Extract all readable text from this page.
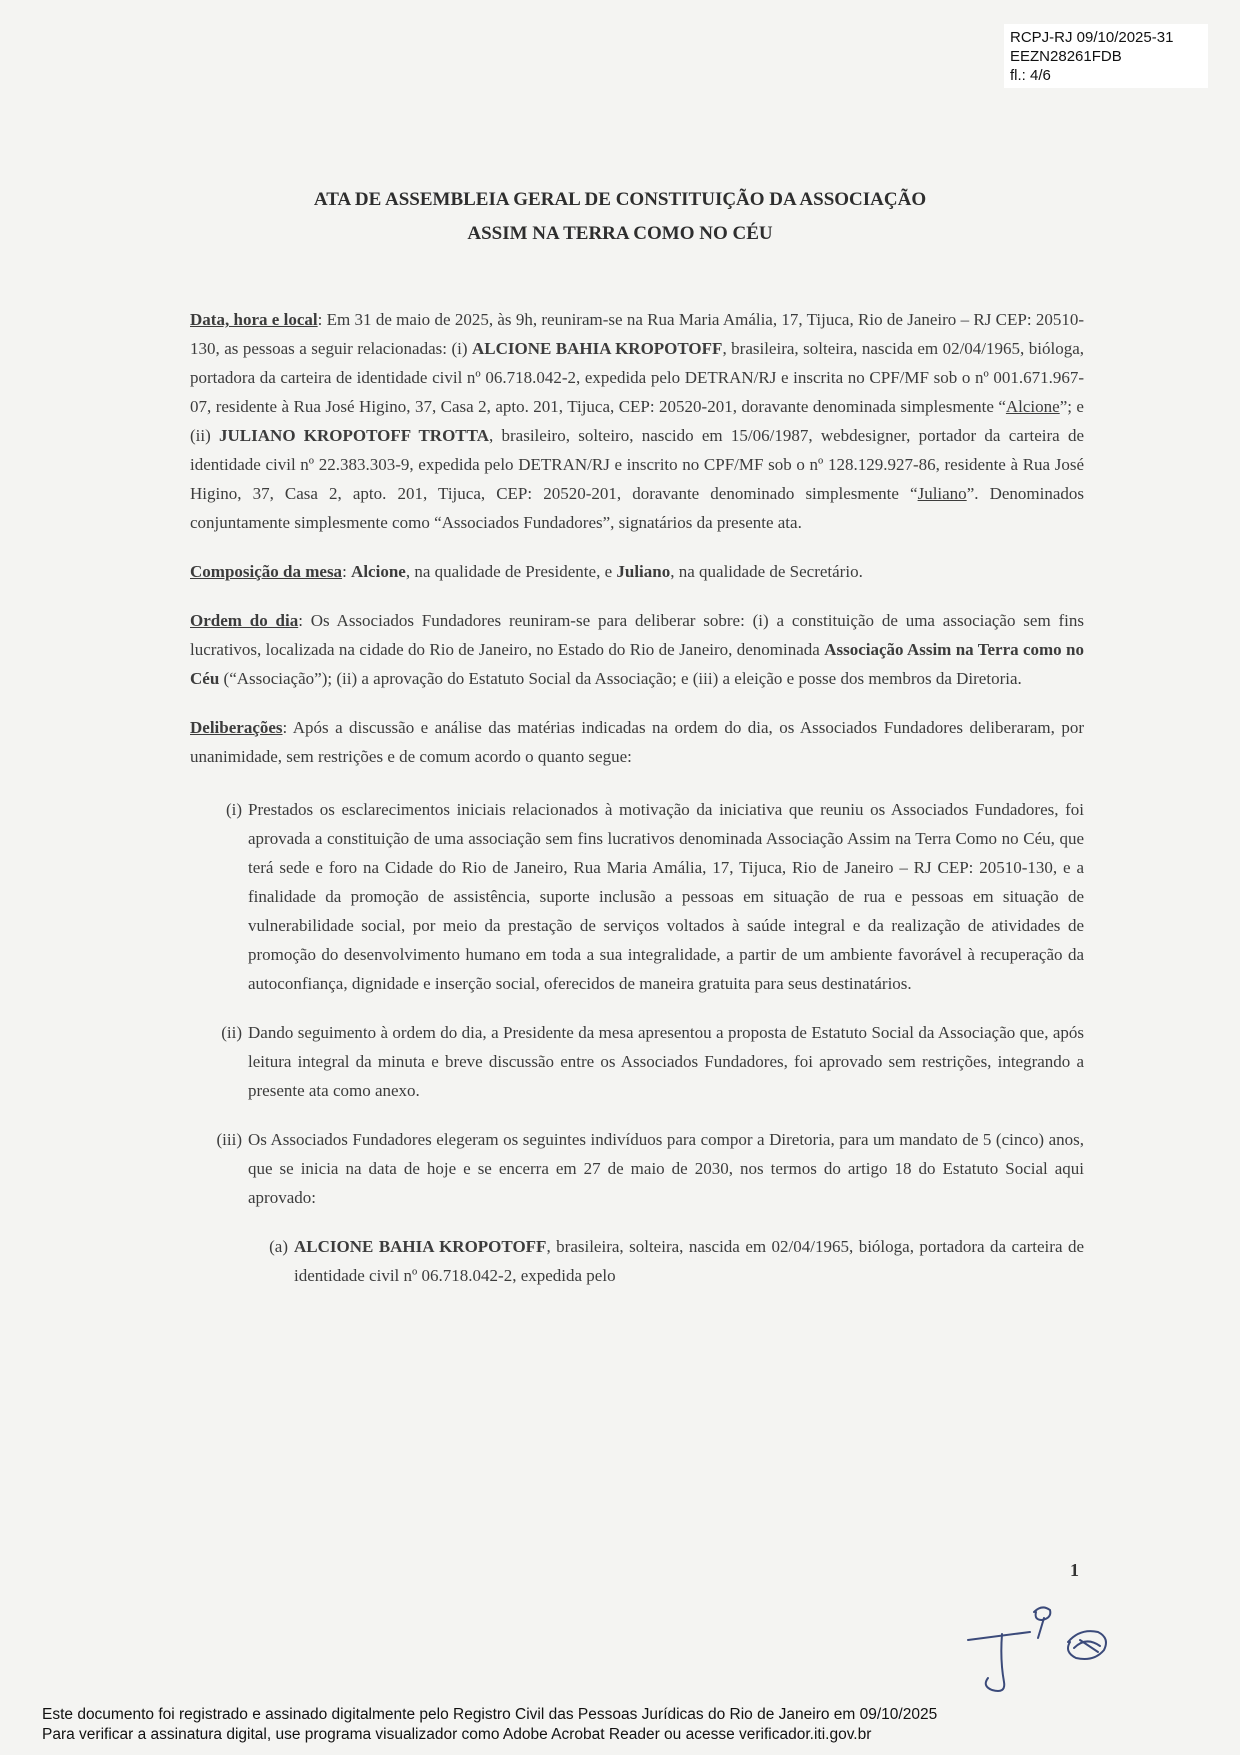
RCPJ-RJ 09/10/2025-31
EEZN28261FDB
fl.: 4/6
ATA DE ASSEMBLEIA GERAL DE CONSTITUIÇÃO DA ASSOCIAÇÃO
ASSIM NA TERRA COMO NO CÉU

Data, hora e local: Em 31 de maio de 2025, às 9h, reuniram-se na Rua Maria Amália, 17, Tijuca, Rio de Janeiro – RJ CEP: 20510-130, as pessoas a seguir relacionadas: (i) ALCIONE BAHIA KROPOTOFF, brasileira, solteira, nascida em 02/04/1965, bióloga, portadora da carteira de identidade civil nº 06.718.042-2, expedida pelo DETRAN/RJ e inscrita no CPF/MF sob o nº 001.671.967-07, residente à Rua José Higino, 37, Casa 2, apto. 201, Tijuca, CEP: 20520-201, doravante denominada simplesmente “Alcione”; e (ii) JULIANO KROPOTOFF TROTTA, brasileiro, solteiro, nascido em 15/06/1987, webdesigner, portador da carteira de identidade civil nº 22.383.303-9, expedida pelo DETRAN/RJ e inscrito no CPF/MF sob o nº 128.129.927-86, residente à Rua José Higino, 37, Casa 2, apto. 201, Tijuca, CEP: 20520-201, doravante denominado simplesmente “Juliano”. Denominados conjuntamente simplesmente como “Associados Fundadores”, signatários da presente ata.

Composição da mesa: Alcione, na qualidade de Presidente, e Juliano, na qualidade de Secretário.

Ordem do dia: Os Associados Fundadores reuniram-se para deliberar sobre: (i) a constituição de uma associação sem fins lucrativos, localizada na cidade do Rio de Janeiro, no Estado do Rio de Janeiro, denominada Associação Assim na Terra como no Céu (“Associação”); (ii) a aprovação do Estatuto Social da Associação; e (iii) a eleição e posse dos membros da Diretoria.

Deliberações: Após a discussão e análise das matérias indicadas na ordem do dia, os Associados Fundadores deliberaram, por unanimidade, sem restrições e de comum acordo o quanto segue:

(i) Prestados os esclarecimentos iniciais relacionados à motivação da iniciativa que reuniu os Associados Fundadores, foi aprovada a constituição de uma associação sem fins lucrativos denominada Associação Assim na Terra Como no Céu, que terá sede e foro na Cidade do Rio de Janeiro, Rua Maria Amália, 17, Tijuca, Rio de Janeiro – RJ CEP: 20510-130, e a finalidade da promoção de assistência, suporte inclusão a pessoas em situação de rua e pessoas em situação de vulnerabilidade social, por meio da prestação de serviços voltados à saúde integral e da realização de atividades de promoção do desenvolvimento humano em toda a sua integralidade, a partir de um ambiente favorável à recuperação da autoconfiança, dignidade e inserção social, oferecidos de maneira gratuita para seus destinatários.
(ii) Dando seguimento à ordem do dia, a Presidente da mesa apresentou a proposta de Estatuto Social da Associação que, após leitura integral da minuta e breve discussão entre os Associados Fundadores, foi aprovado sem restrições, integrando a presente ata como anexo.
(iii) Os Associados Fundadores elegeram os seguintes indivíduos para compor a Diretoria, para um mandato de 5 (cinco) anos, que se inicia na data de hoje e se encerra em 27 de maio de 2030, nos termos do artigo 18 do Estatuto Social aqui aprovado:
(a) ALCIONE BAHIA KROPOTOFF, brasileira, solteira, nascida em 02/04/1965, bióloga, portadora da carteira de identidade civil nº 06.718.042-2, expedida pelo
1
Este documento foi registrado e assinado digitalmente pelo Registro Civil das Pessoas Jurídicas do Rio de Janeiro em 09/10/2025
Para verificar a assinatura digital, use programa visualizador como Adobe Acrobat Reader ou acesse verificador.iti.gov.br
